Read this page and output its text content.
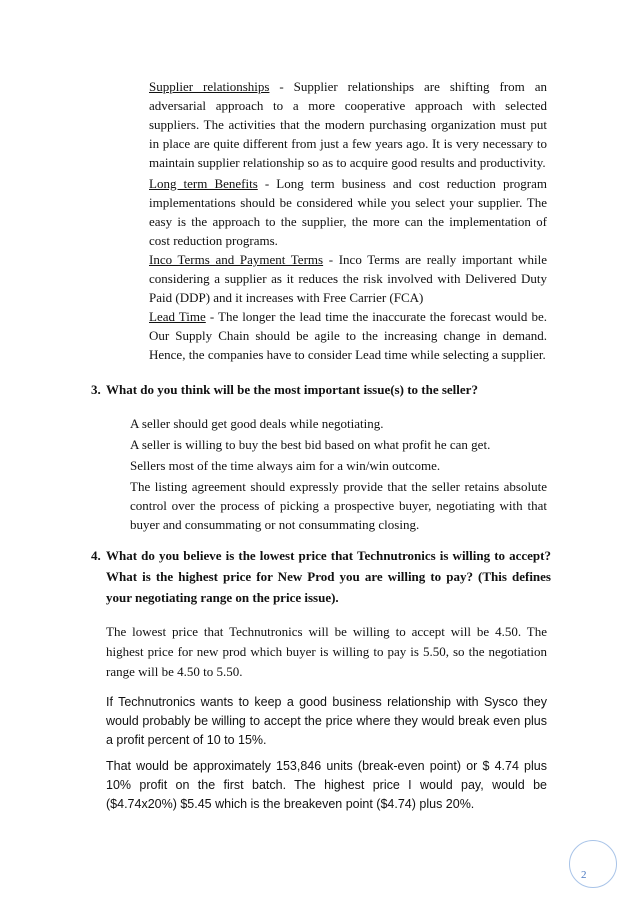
Supplier relationships - Supplier relationships are shifting from an adversarial approach to a more cooperative approach with selected suppliers. The activities that the modern purchasing organization must put in place are quite different from just a few years ago. It is very necessary to maintain supplier relationship so as to acquire good results and productivity.
Long term Benefits - Long term business and cost reduction program implementations should be considered while you select your supplier. The easy is the approach to the supplier, the more can the implementation of cost reduction programs.
Inco Terms and Payment Terms - Inco Terms are really important while considering a supplier as it reduces the risk involved with Delivered Duty Paid (DDP) and it increases with Free Carrier (FCA)
Lead Time - The longer the lead time the inaccurate the forecast would be. Our Supply Chain should be agile to the increasing change in demand. Hence, the companies have to consider Lead time while selecting a supplier.
3. What do you think will be the most important issue(s) to the seller?
A seller should get good deals while negotiating.
A seller is willing to buy the best bid based on what profit he can get.
Sellers most of the time always aim for a win/win outcome.
The listing agreement should expressly provide that the seller retains absolute control over the process of picking a prospective buyer, negotiating with that buyer and consummating or not consummating closing.
4. What do you believe is the lowest price that Technutronics is willing to accept? What is the highest price for New Prod you are willing to pay? (This defines your negotiating range on the price issue).
The lowest price that Technutronics will be willing to accept will be 4.50. The highest price for new prod which buyer is willing to pay is 5.50, so the negotiation range will be 4.50 to 5.50.
If Technutronics wants to keep a good business relationship with Sysco they would probably be willing to accept the price where they would break even plus a profit percent of 10 to 15%.
That would be approximately 153,846 units (break-even point) or $ 4.74 plus 10% profit on the first batch. The highest price I would pay, would be ($4.74x20%) $5.45 which is the breakeven point ($4.74) plus 20%.
2
